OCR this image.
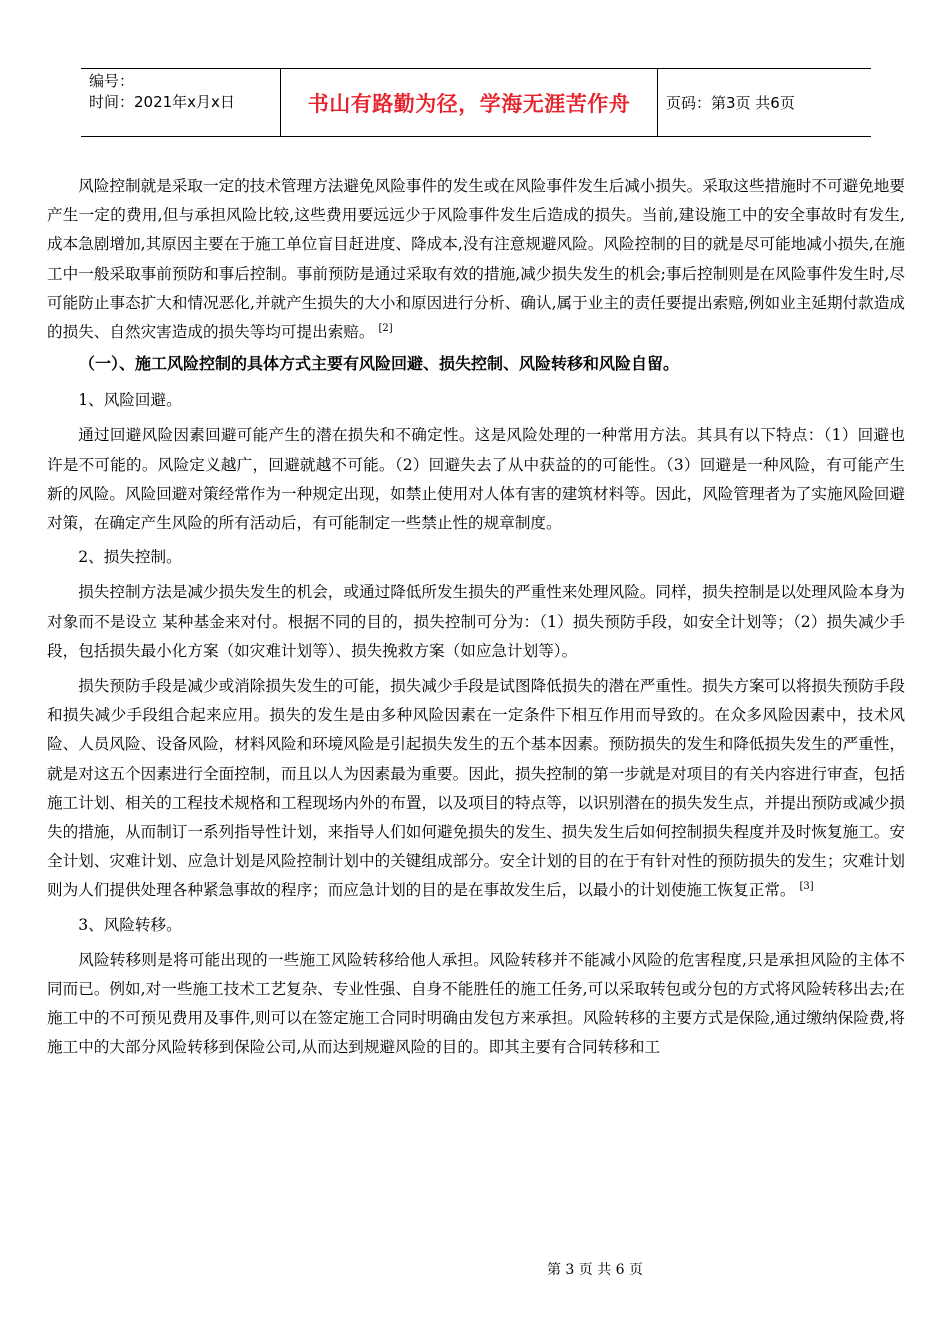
编号：
时间：2021年x月x日	书山有路勤为径，学海无涯苦作舟	页码：第3页 共6页

风险控制就是采取一定的技术管理方法避免风险事件的发生或在风险事件发生后减小损失。采取这些措施时不可避免地要产生一定的费用,但与承担风险比较,这些费用要远远少于风险事件发生后造成的损失。当前,建设施工中的安全事故时有发生,成本急剧增加,其原因主要在于施工单位盲目赶进度、降成本,没有注意规避风险。风险控制的目的就是尽可能地减小损失,在施工中一般采取事前预防和事后控制。事前预防是通过采取有效的措施,减少损失发生的机会;事后控制则是在风险事件发生时,尽可能防止事态扩大和情况恶化,并就产生损失的大小和原因进行分析、确认,属于业主的责任要提出索赔,例如业主延期付款造成的损失、自然灾害造成的损失等均可提出索赔。 [2]

（一）、施工风险控制的具体方式主要有风险回避、损失控制、风险转移和风险自留。

1、风险回避。

通过回避风险因素回避可能产生的潜在损失和不确定性。这是风险处理的一种常用方法。其具有以下特点：（1）回避也许是不可能的。风险定义越广，回避就越不可能。（2）回避失去了从中获益的的可能性。（3）回避是一种风险，有可能产生新的风险。风险回避对策经常作为一种规定出现，如禁止使用对人体有害的建筑材料等。因此，风险管理者为了实施风险回避对策，在确定产生风险的所有活动后，有可能制定一些禁止性的规章制度。

2、损失控制。

损失控制方法是减少损失发生的机会，或通过降低所发生损失的严重性来处理风险。同样，损失控制是以处理风险本身为对象而不是设立 某种基金来对付。根据不同的目的，损失控制可分为：（1）损失预防手段，如安全计划等；（2）损失减少手段，包括损失最小化方案（如灾难计划等）、损失挽救方案（如应急计划等）。

损失预防手段是减少或消除损失发生的可能，损失减少手段是试图降低损失的潜在严重性。损失方案可以将损失预防手段和损失减少手段组合起来应用。损失的发生是由多种风险因素在一定条件下相互作用而导致的。在众多风险因素中，技术风险、人员风险、设备风险，材料风险和环境风险是引起损失发生的五个基本因素。预防损失的发生和降低损失发生的严重性，就是对这五个因素进行全面控制，而且以人为因素最为重要。因此，损失控制的第一步就是对项目的有关内容进行审查，包括施工计划、相关的工程技术规格和工程现场内外的布置，以及项目的特点等，以识别潜在的损失发生点，并提出预防或减少损失的措施，从而制订一系列指导性计划，来指导人们如何避免损失的发生、损失发生后如何控制损失程度并及时恢复施工。安全计划、灾难计划、应急计划是风险控制计划中的关键组成部分。安全计划的目的在于有针对性的预防损失的发生；灾难计划则为人们提供处理各种紧急事故的程序；而应急计划的目的是在事故发生后，以最小的计划使施工恢复正常。 [3]

3、风险转移。

风险转移则是将可能出现的一些施工风险转移给他人承担。风险转移并不能减小风险的危害程度,只是承担风险的主体不同而已。例如,对一些施工技术工艺复杂、专业性强、自身不能胜任的施工任务,可以采取转包或分包的方式将风险转移出去;在施工中的不可预见费用及事件,则可以在签定施工合同时明确由发包方来承担。风险转移的主要方式是保险,通过缴纳保险费,将施工中的大部分风险转移到保险公司,从而达到规避风险的目的。即其主要有合同转移和工

第 3 页 共 6 页
